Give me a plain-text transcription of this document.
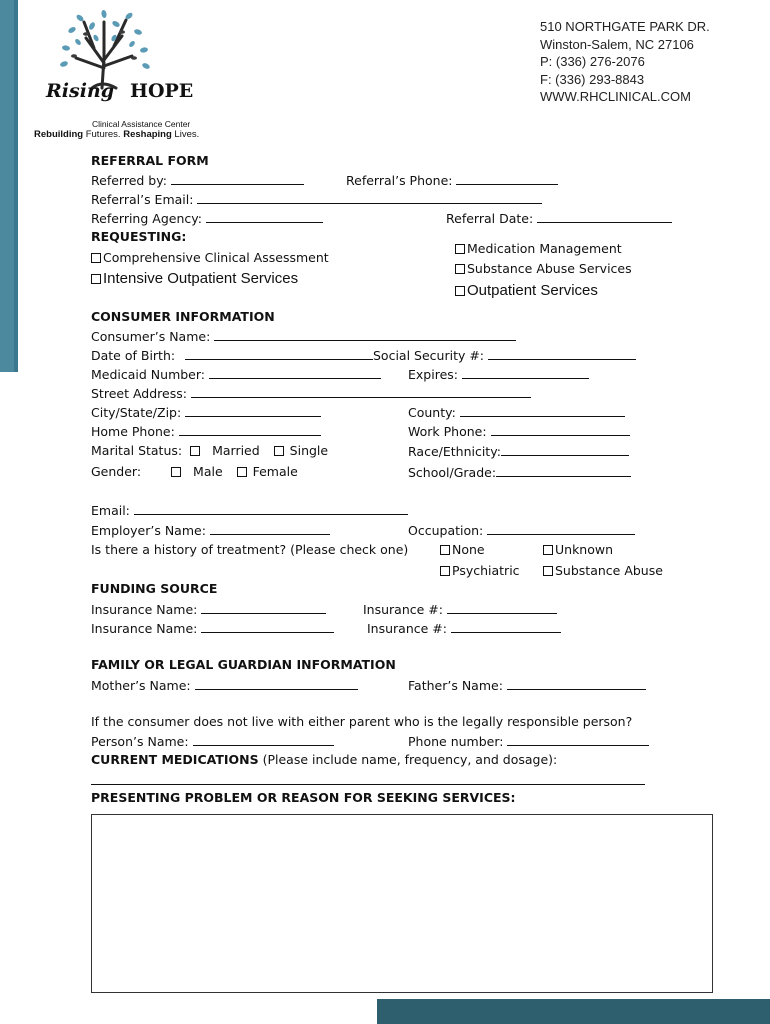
Rising HOPE
Clinical Assistance Center
Rebuilding Futures. Reshaping Lives.
510 NORTHGATE PARK DR.
Winston-Salem, NC 27106
P: (336) 276-2076
F: (336) 293-8843
WWW.RHCLINICAL.COM
REFERRAL FORM
Referred by:	Referral’s Phone:
Referral’s Email:
Referring Agency:	Referral Date:
REQUESTING:
Comprehensive Clinical Assessment
Intensive Outpatient Services
Medication Management
Substance Abuse Services
Outpatient Services
CONSUMER INFORMATION
Consumer’s Name:
Date of Birth:	Social Security #:
Medicaid Number:	Expires:
Street Address:
City/State/Zip:	County:
Home Phone:	Work Phone:
Marital Status: Married Single	Race/Ethnicity:
Gender:	Male Female	School/Grade:
Email:
Employer’s Name:	Occupation:
Is there a history of treatment? (Please check one)	None	Unknown
Psychiatric	Substance Abuse
FUNDING SOURCE
Insurance Name:	Insurance #:
Insurance Name:	Insurance #:
FAMILY OR LEGAL GUARDIAN INFORMATION
Mother’s Name:	Father’s Name:
If the consumer does not live with either parent who is the legally responsible person?
Person’s Name:	Phone number:
CURRENT MEDICATIONS (Please include name, frequency, and dosage):
PRESENTING PROBLEM OR REASON FOR SEEKING SERVICES:
